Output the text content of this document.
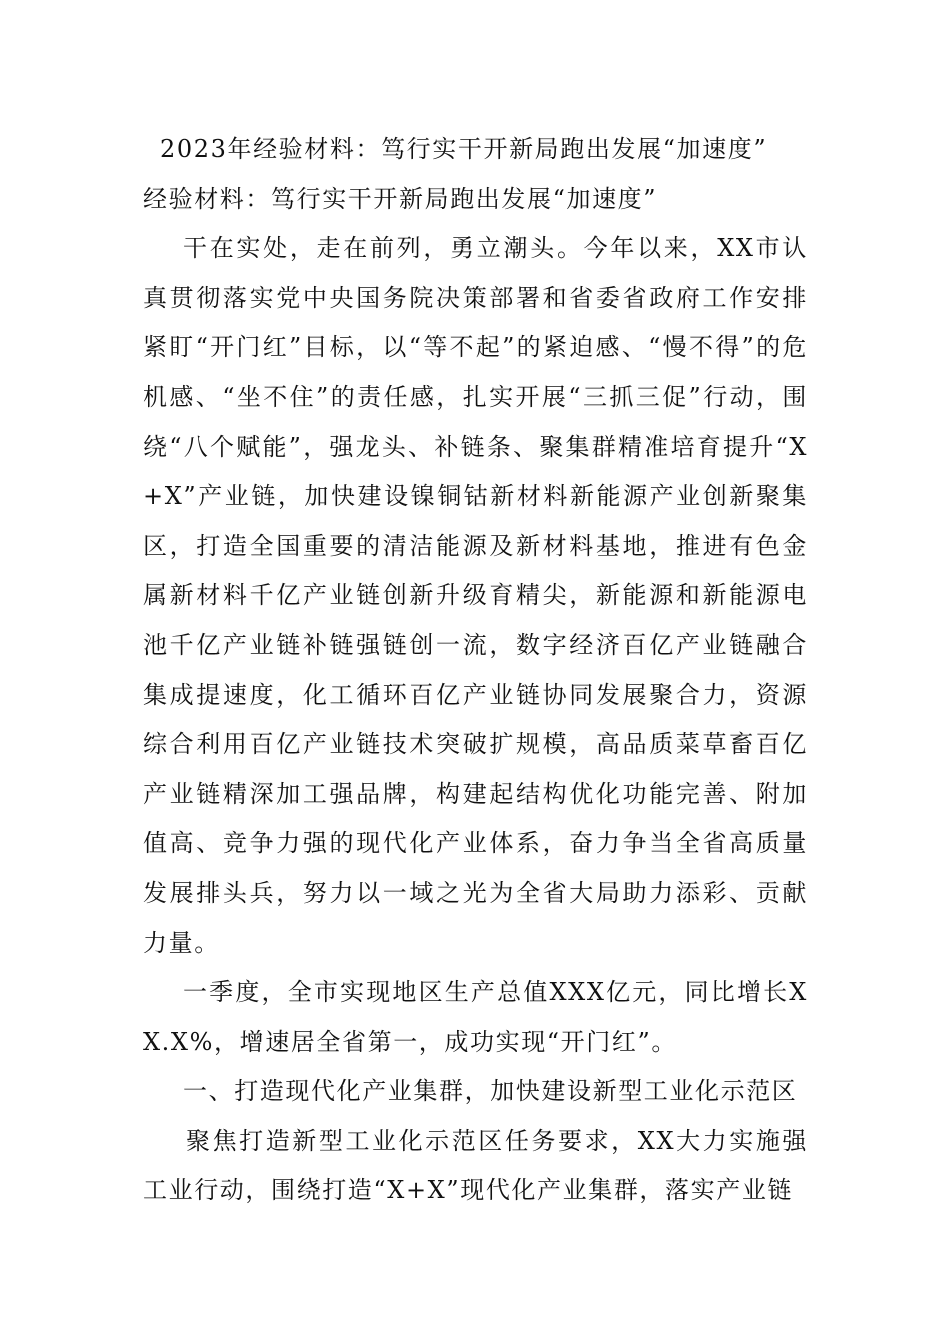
2023年经验材料：笃行实干开新局跑出发展“加速度”

经验材料：笃行实干开新局跑出发展“加速度”

干在实处，走在前列，勇立潮头。今年以来，XX市认真贯彻落实党中央国务院决策部署和省委省政府工作安排紧盯“开门红”目标，以“等不起”的紧迫感、“慢不得”的危机感、“坐不住”的责任感，扎实开展“三抓三促”行动，围绕“八个赋能”，强龙头、补链条、聚集群精准培育提升“X+X”产业链，加快建设镍铜钴新材料新能源产业创新聚集区，打造全国重要的清洁能源及新材料基地，推进有色金属新材料千亿产业链创新升级育精尖，新能源和新能源电池千亿产业链补链强链创一流，数字经济百亿产业链融合集成提速度，化工循环百亿产业链协同发展聚合力，资源综合利用百亿产业链技术突破扩规模，高品质菜草畜百亿产业链精深加工强品牌，构建起结构优化功能完善、附加值高、竞争力强的现代化产业体系，奋力争当全省高质量发展排头兵，努力以一域之光为全省大局助力添彩、贡献力量。

一季度，全市实现地区生产总值XXX亿元，同比增长XX.X%，增速居全省第一，成功实现“开门红”。

一、打造现代化产业集群，加快建设新型工业化示范区

聚焦打造新型工业化示范区任务要求，XX大力实施强工业行动，围绕打造“X+X”现代化产业集群，落实产业链
